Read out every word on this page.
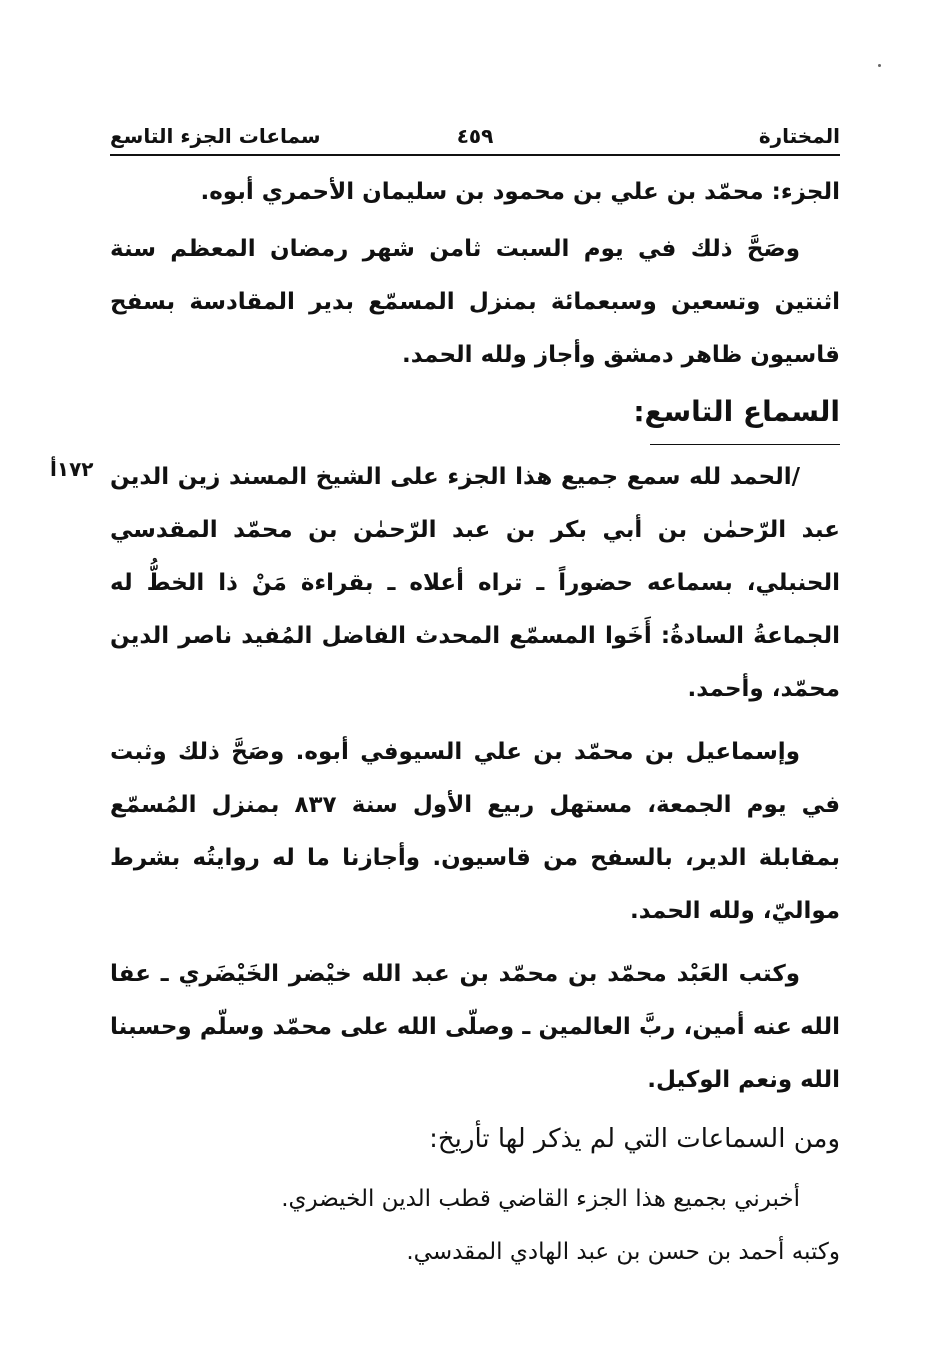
المختارة
٤٥٩
سماعات الجزء التاسع

الجزء: محمّد بن علي بن محمود بن سليمان الأحمري أبوه.

وصَحَّ ذلك في يوم السبت ثامن شهر رمضان المعظم سنة اثنتين وتسعين وسبعمائة بمنزل المسمّع بدير المقادسة بسفح قاسيون ظاهر دمشق وأجاز ولله الحمد.

السماع التاسع:
١٧٢أ /الحمد لله سمع جميع هذا الجزء على الشيخ المسند زين الدين عبد الرّحمٰن بن أبي بكر بن عبد الرّحمٰن بن محمّد المقدسي الحنبلي، بسماعه حضوراً ـ تراه أعلاه ـ بقراءة مَنْ ذا الخطُّ له الجماعةُ السادةُ: أَخَوا المسمّع المحدث الفاضل المُفيد ناصر الدين محمّد، وأحمد.

وإسماعيل بن محمّد بن علي السيوفي أبوه. وصَحَّ ذلك وثبت في يوم الجمعة، مستهل ربيع الأول سنة ٨٣٧ بمنزل المُسمّع بمقابلة الدير، بالسفح من قاسيون. وأجازنا ما له روايتُه بشرط مواليّ، ولله الحمد.

وكتب العَبْد محمّد بن محمّد بن عبد الله خيْضر الخَيْضَري ـ عفا الله عنه أمين، ربَّ العالمين ـ وصلّى الله على محمّد وسلّم وحسبنا الله ونعم الوكيل.

ومن السماعات التي لم يذكر لها تأريخ:

أخبرني بجميع هذا الجزء القاضي قطب الدين الخيضري.

وكتبه أحمد بن حسن بن عبد الهادي المقدسي.
